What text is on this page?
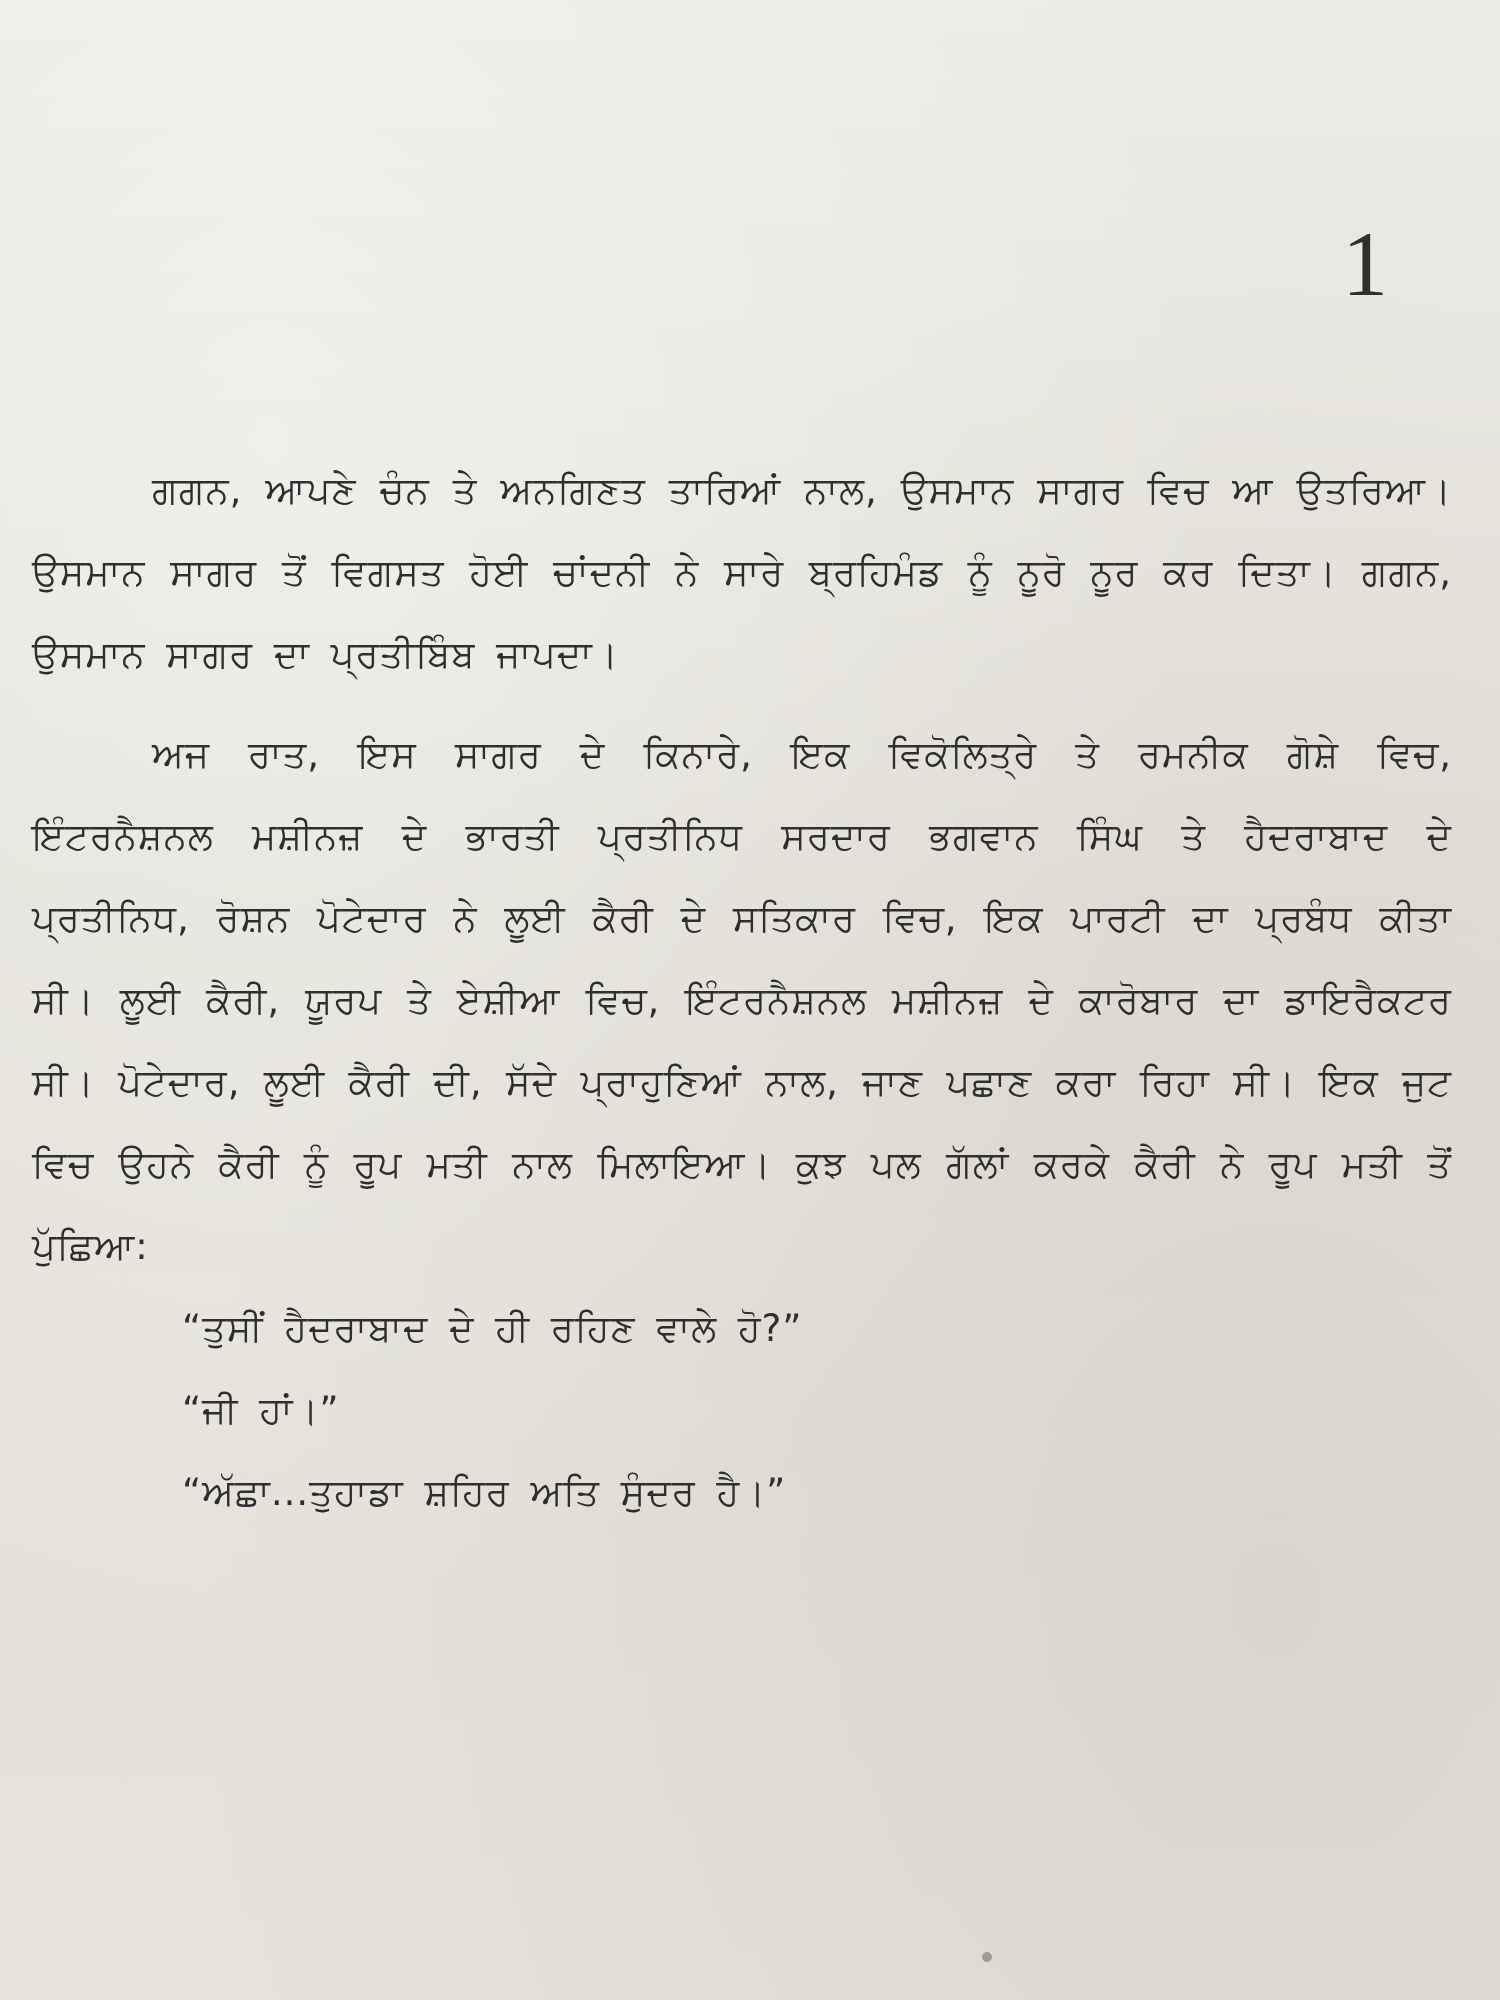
1

ਗਗਨ, ਆਪਣੇ ਚੰਨ ਤੇ ਅਨਗਿਣਤ ਤਾਰਿਆਂ ਨਾਲ, ਉਸਮਾਨ ਸਾਗਰ ਵਿਚ ਆ ਉਤਰਿਆ। ਉਸਮਾਨ ਸਾਗਰ ਤੋਂ ਵਿਗਸਤ ਹੋਈ ਚਾਂਦਨੀ ਨੇ ਸਾਰੇ ਬ੍ਰਹਿਮੰਡ ਨੂੰ ਨੂਰੋ ਨੂਰ ਕਰ ਦਿਤਾ। ਗਗਨ, ਉਸਮਾਨ ਸਾਗਰ ਦਾ ਪ੍ਰਤੀਬਿੰਬ ਜਾਪਦਾ।

ਅਜ ਰਾਤ, ਇਸ ਸਾਗਰ ਦੇ ਕਿਨਾਰੇ, ਇਕ ਵਿਕੋਲਿਤ੍ਰੇ ਤੇ ਰਮਨੀਕ ਗੋਸ਼ੇ ਵਿਚ, ਇੰਟਰਨੈਸ਼ਨਲ ਮਸ਼ੀਨਜ਼ ਦੇ ਭਾਰਤੀ ਪ੍ਰਤੀਨਿਧ ਸਰਦਾਰ ਭਗਵਾਨ ਸਿੰਘ ਤੇ ਹੈਦਰਾਬਾਦ ਦੇ ਪ੍ਰਤੀਨਿਧ, ਰੋਸ਼ਨ ਪੋਟੇਦਾਰ ਨੇ ਲੂਈ ਕੈਰੀ ਦੇ ਸਤਿਕਾਰ ਵਿਚ, ਇਕ ਪਾਰਟੀ ਦਾ ਪ੍ਰਬੰਧ ਕੀਤਾ ਸੀ। ਲੂਈ ਕੈਰੀ, ਯੂਰਪ ਤੇ ਏਸ਼ੀਆ ਵਿਚ, ਇੰਟਰਨੈਸ਼ਨਲ ਮਸ਼ੀਨਜ਼ ਦੇ ਕਾਰੋਬਾਰ ਦਾ ਡਾਇਰੈਕਟਰ ਸੀ। ਪੋਟੇਦਾਰ, ਲੂਈ ਕੈਰੀ ਦੀ, ਸੱਦੇ ਪ੍ਰਾਹੁਣਿਆਂ ਨਾਲ, ਜਾਣ ਪਛਾਣ ਕਰਾ ਰਿਹਾ ਸੀ। ਇਕ ਜੁਟ ਵਿਚ ਉਹਨੇ ਕੈਰੀ ਨੂੰ ਰੂਪ ਮਤੀ ਨਾਲ ਮਿਲਾਇਆ। ਕੁਝ ਪਲ ਗੱਲਾਂ ਕਰਕੇ ਕੈਰੀ ਨੇ ਰੂਪ ਮਤੀ ਤੋਂ ਪੁੱਛਿਆ:

“ਤੁਸੀਂ ਹੈਦਰਾਬਾਦ ਦੇ ਹੀ ਰਹਿਣ ਵਾਲੇ ਹੋ?”

“ਜੀ ਹਾਂ।”

“ਅੱਛਾ...ਤੁਹਾਡਾ ਸ਼ਹਿਰ ਅਤਿ ਸੁੰਦਰ ਹੈ।”
